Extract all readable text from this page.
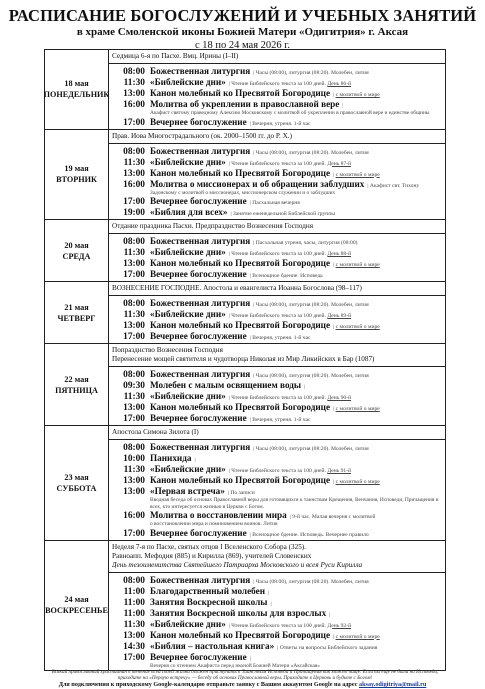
РАСПИСАНИЕ БОГОСЛУЖЕНИЙ И УЧЕБНЫХ ЗАНЯТИЙ
в храме Смоленской иконы Божией Матери «Одигитрия» г. Аксая
с 18 по 24 мая 2026 г.
18 мая
ПОНЕДЕЛЬНИК
Седмица 6-я по Пасхе. Вмц. Ирины (I–II)
08:00 Божественная литургия | Часы (08:00), литургия (08:20). Молебен, лития
11:30 «Библейские дни» | Чтение Библейского текста за 100 дней. День 86-й
13:00 Канон молебный ко Пресвятой Богородице | с молитвой о мире
16:00 Молитва об укреплении в православной вере |
Акафист святому праведному Алексию Московскому с молитвой об укреплении в православной вере и единстве общины
17:00 Вечернее богослужение | Вечерня, утреня. 1-й час
19 мая
ВТОРНИК
Прав. Иова Многострадального (ок. 2000–1500 гг. до Р. Х.)
08:00 Божественная литургия | Часы (08:00), литургия (08:20). Молебен, лития
11:30 «Библейские дни» | Чтение Библейского текста за 100 дней. День 87-й
13:00 Канон молебный ко Пресвятой Богородице | с молитвой о мире
16:00 Молитва о миссионерах и об обращении заблудших | Акафист свт. Тихону
Задонскому с молитвой о миссионерах, миссионерском служении и о заблудших
17:00 Вечернее богослужение | Пасхальная вечерня
19:00 «Библия для всех» | Занятие еженедельной Библейской группы
20 мая
СРЕДА
Отдание праздника Пасхи. Предпразднство Вознесения Господня
08:00 Божественная литургия | Пасхальная утреня, часы, литургия (08:00)
11:30 «Библейские дни» | Чтение Библейского текста за 100 дней. День 88-й
13:00 Канон молебный ко Пресвятой Богородице | с молитвой о мире
17:00 Вечернее богослужение | Всенощное бдение. Исповедь
21 мая
ЧЕТВЕРГ
ВОЗНЕСЕНИЕ ГОСПОДНЕ. Апостола и евангелиста Иоанна Богослова (98–117)
08:00 Божественная литургия | Часы (08:00), литургия (08:20). Молебен, лития
11:30 «Библейские дни» | Чтение Библейского текста за 100 дней. День 89-й
13:00 Канон молебный ко Пресвятой Богородице | с молитвой о мире
17:00 Вечернее богослужение | Вечерня, утреня. 1-й час
22 мая
ПЯТНИЦА
Попразднство Вознесения Господня
Перенесение мощей святителя и чудотворца Николая из Мир Ликийских в Бар (1087)
08:00 Божественная литургия | Часы (08:00), литургия (08:20). Молебен, лития
09:30 Молебен с малым освящением воды |
11:30 «Библейские дни» | Чтение Библейского текста за 100 дней. День 90-й
13:00 Канон молебный ко Пресвятой Богородице | с молитвой о мире
17:00 Вечернее богослужение | Вечерня, утреня. 1-й час
23 мая
СУББОТА
Апостола Симона Зилота (I)
08:00 Божественная литургия | Часы (08:00), литургия (08:20). Молебен, лития
10:00 Панихида |
11:30 «Библейские дни» | Чтение Библейского текста за 100 дней. День 91-й
13:00 Канон молебный ко Пресвятой Богородице | с молитвой о мире
13:00 «Первая встреча» | По записи
Вводная беседа об основах Православной веры для готовящихся к таинствам Крещения, Венчания, Исповеди, Причащения и всех, кто интересуется жизнью в Церкви с Богом.
16:00 Молитва о восстановлении мира | 9-й час. Малая вечерня с молитвой
о восстановлении мира и поминовением воинов. Лития
17:00 Вечернее богослужение | Всенощное бдение. Исповедь. Вечернее правило
24 мая
ВОСКРЕСЕНЬЕ
Неделя 7-я по Пасхе, святых отцов I Вселенского Собора (325).
Равноапп. Мефодия (885) и Кирилла (869), учителей Словенских
День тезоименитства Святейшего Патриарха Московского и всея Руси Кирилла
08:00 Божественная литургия | Часы (08:00), литургия (08:20). Молебен, лития
11:00 Благодарственный молебен |
11:00 Занятия Воскресной школы |
11:00 Занятия Воскресной школы для взрослых |
11:30 «Библейские дни» | Чтение Библейского текста за 100 дней. День 92-й
13:00 Канон молебный ко Пресвятой Богородице | с молитвой о мире
14:30 «Библия – настольная книга» | Ответы на вопросы Библейского задания
17:00 Вечернее богослужение |
Вечерня со чтением Акафиста перед иконой Божией Матери «Аксайская»
Всякий православный христианин в течение всей своей жизни должен приступать к Таинствам Исповеди и Причащения как можно чаще. Если вы еще не были на Исповеди, приходите на «Первую встречу» — беседу об основах Православной веры. Приходите в Церковь и будьте с Богом!
Для подключения к приходскому Google-календарю отправьте заявку с Вашим аккаунтом Google на адрес aksay.odigitriya@mail.ru
